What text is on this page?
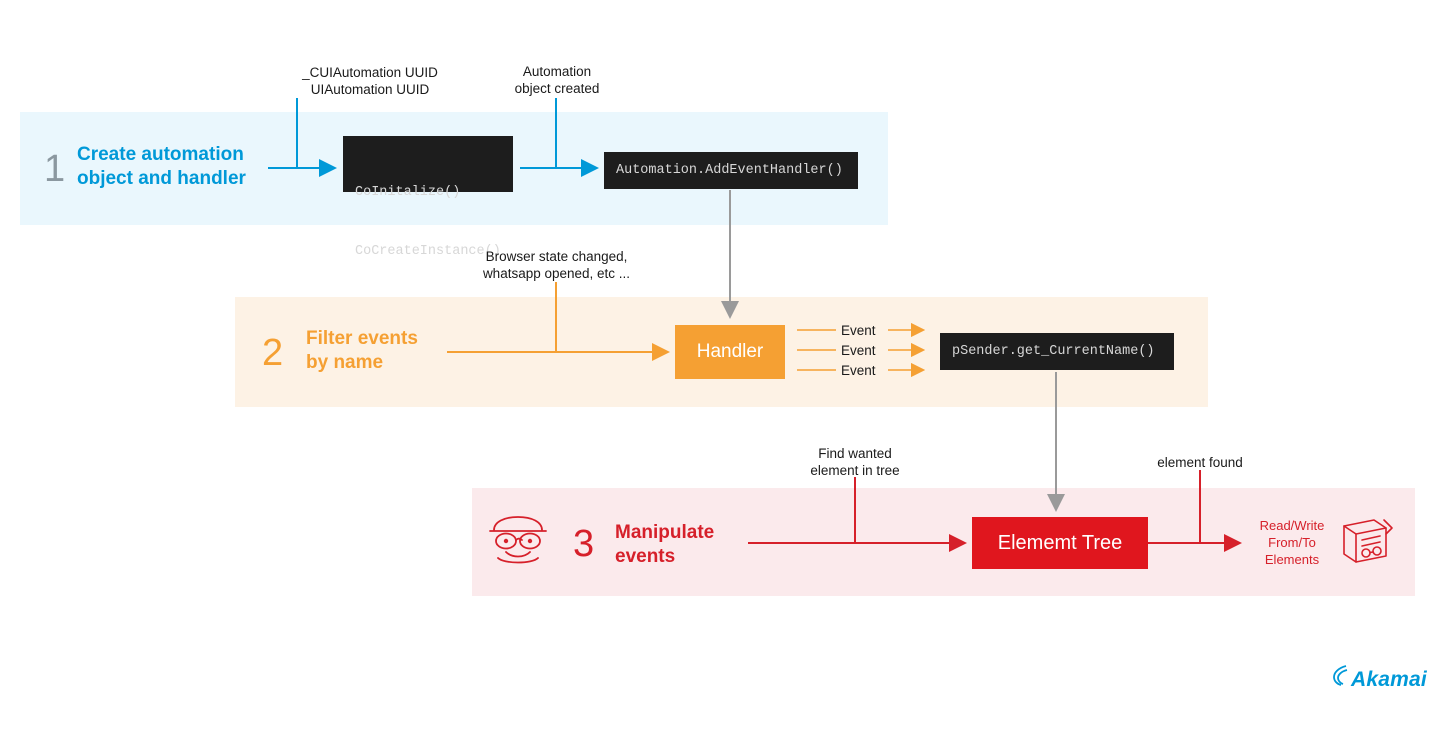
1 Create automation
object and handler
_CUIAutomation UUID
UIAutomation UUID
Automation
object created

CoInitalize()

CoCreateInstance()

Automation.AddEventHandler()
2 Filter events
by name
Browser state changed,
whatsapp opened, etc ...
Handler
Event
Event
Event
pSender.get_CurrentName()
3 Manipulate
events
Find wanted
element in tree
element found
Elememt Tree
Read/Write
From/To
Elements
Akamai
